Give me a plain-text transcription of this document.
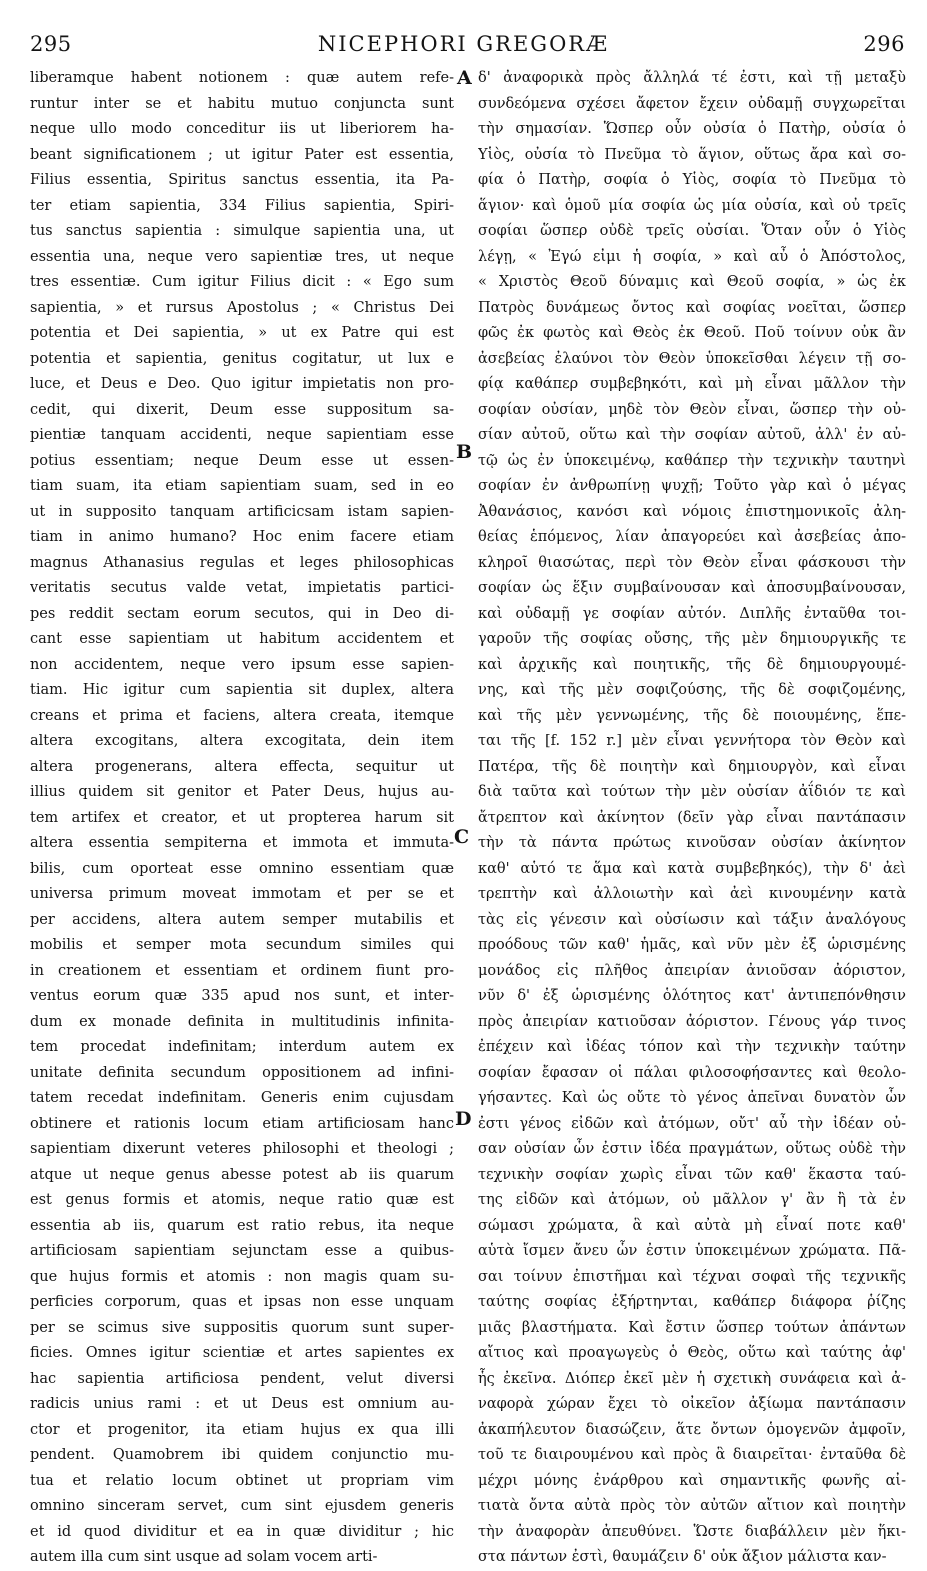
NICEPHORI GREGORÆ
295	296
liberamque habent notionem : quæ autem refe-
runtur inter se et habitu mutuo conjuncta sunt
neque ullo modo conceditur iis ut liberiorem ha-
beant significationem ; ut igitur Pater est essentia,
Filius essentia, Spiritus sanctus essentia, ita Pa-
ter etiam sapientia, 334 Filius sapientia, Spiri-
tus sanctus sapientia : simulque sapientia una, ut
essentia una, neque vero sapientiæ tres, ut neque
tres essentiæ. Cum igitur Filius dicit : « Ego sum
sapientia, » et rursus Apostolus ; « Christus Dei
potentia et Dei sapientia, » ut ex Patre qui est
potentia et sapientia, genitus cogitatur, ut lux e
luce, et Deus e Deo. Quo igitur impietatis non pro-
cedit, qui dixerit, Deum esse suppositum sa-
pientiæ tanquam accidenti, neque sapientiam esse
potius essentiam; neque Deum esse ut essen-
tiam suam, ita etiam sapientiam suam, sed in eo
ut in supposito tanquam artificicsam istam sapien-
tiam in animo humano? Hoc enim facere etiam
magnus Athanasius regulas et leges philosophicas
veritatis secutus valde vetat, impietatis partici-
pes reddit sectam eorum secutos, qui in Deo di-
cant esse sapientiam ut habitum accidentem et
non accidentem, neque vero ipsum esse sapien-
tiam. Hic igitur cum sapientia sit duplex, altera
creans et prima et faciens, altera creata, itemque
altera excogitans, altera excogitata, dein item
altera progenerans, altera effecta, sequitur ut
illius quidem sit genitor et Pater Deus, hujus au-
tem artifex et creator, et ut propterea harum sit
altera essentia sempiterna et immota et immuta-
bilis, cum oporteat esse omnino essentiam quæ
universa primum moveat immotam et per se et
per accidens, altera autem semper mutabilis et
mobilis et semper mota secundum similes qui
in creationem et essentiam et ordinem fiunt pro-
ventus eorum quæ 335 apud nos sunt, et inter-
dum ex monade definita in multitudinis infinita-
tem procedat indefinitam; interdum autem ex
unitate definita secundum oppositionem ad infini-
tatem recedat indefinitam. Generis enim cujusdam
obtinere et rationis locum etiam artificiosam hanc
sapientiam dixerunt veteres philosophi et theologi ;
atque ut neque genus abesse potest ab iis quarum
est genus formis et atomis, neque ratio quæ est
essentia ab iis, quarum est ratio rebus, ita neque
artificiosam sapientiam sejunctam esse a quibus-
que hujus formis et atomis : non magis quam su-
perficies corporum, quas et ipsas non esse unquam
per se scimus sive suppositis quorum sunt super-
ficies. Omnes igitur scientiæ et artes sapientes ex
hac sapientia artificiosa pendent, velut diversi
radicis unius rami : et ut Deus est omnium au-
ctor et progenitor, ita etiam hujus ex qua illi
pendent. Quamobrem ibi quidem conjunctio mu-
tua et relatio locum obtinet ut propriam vim
omnino sinceram servet, cum sint ejusdem generis
et id quod dividitur et ea in quæ dividitur ; hic
autem illa cum sint usque ad solam vocem arti-
δ' ἀναφορικὰ πρὸς ἄλληλά τέ ἐστι, καὶ τῇ μεταξὺ
συνδεόμενα σχέσει ἄφετον ἔχειν οὐδαμῇ συγχωρεῖται
τὴν σημασίαν. Ὥσπερ οὖν οὐσία ὁ Πατὴρ, οὐσία ὁ
Υἱὸς, οὐσία τὸ Πνεῦμα τὸ ἅγιον, οὕτως ἄρα καὶ σο-
φία ὁ Πατὴρ, σοφία ὁ Υἱὸς, σοφία τὸ Πνεῦμα τὸ
ἅγιον· καὶ ὁμοῦ μία σοφία ὡς μία οὐσία, καὶ οὐ τρεῖς
σοφίαι ὥσπερ οὐδὲ τρεῖς οὐσίαι. Ὅταν οὖν ὁ Υἱὸς
λέγῃ, « Ἐγώ εἰμι ἡ σοφία, » καὶ αὖ ὁ Ἀπόστολος,
« Χριστὸς Θεοῦ δύναμις καὶ Θεοῦ σοφία, » ὡς ἐκ
Πατρὸς δυνάμεως ὄντος καὶ σοφίας νοεῖται, ὥσπερ
φῶς ἐκ φωτὸς καὶ Θεὸς ἐκ Θεοῦ. Ποῦ τοίνυν οὐκ ἂν
ἀσεβείας ἐλαύνοι τὸν Θεὸν ὑποκεῖσθαι λέγειν τῇ σο-
φίᾳ καθάπερ συμβεβηκότι, καὶ μὴ εἶναι μᾶλλον τὴν
σοφίαν οὐσίαν, μηδὲ τὸν Θεὸν εἶναι, ὥσπερ τὴν οὐ-
σίαν αὐτοῦ, οὕτω καὶ τὴν σοφίαν αὐτοῦ, ἀλλ' ἐν αὐ-
τῷ ὡς ἐν ὑποκειμένῳ, καθάπερ τὴν τεχνικὴν ταυτηνὶ
σοφίαν ἐν ἀνθρωπίνῃ ψυχῇ; Τοῦτο γὰρ καὶ ὁ μέγας
Ἀθανάσιος, κανόσι καὶ νόμοις ἐπιστημονικοῖς ἀλη-
θείας ἑπόμενος, λίαν ἀπαγορεύει καὶ ἀσεβείας ἀπο-
κληροῖ θιασώτας, περὶ τὸν Θεὸν εἶναι φάσκουσι τὴν
σοφίαν ὡς ἕξιν συμβαίνουσαν καὶ ἀποσυμβαίνουσαν,
καὶ οὐδαμῇ γε σοφίαν αὐτόν. Διπλῆς ἐνταῦθα τοι-
γαροῦν τῆς σοφίας οὔσης, τῆς μὲν δημιουργικῆς τε
καὶ ἀρχικῆς καὶ ποιητικῆς, τῆς δὲ δημιουργουμέ-
νης, καὶ τῆς μὲν σοφιζούσης, τῆς δὲ σοφιζομένης,
καὶ τῆς μὲν γεννωμένης, τῆς δὲ ποιουμένης, ἕπε-
ται τῆς [f. 152 r.] μὲν εἶναι γεννήτορα τὸν Θεὸν καὶ
Πατέρα, τῆς δὲ ποιητὴν καὶ δημιουργὸν, καὶ εἶναι
διὰ ταῦτα καὶ τούτων τὴν μὲν οὐσίαν ἀΐδιόν τε καὶ
ἄτρεπτον καὶ ἀκίνητον (δεῖν γὰρ εἶναι παντάπασιν
τὴν τὰ πάντα πρώτως κινοῦσαν οὐσίαν ἀκίνητον
καθ' αὑτό τε ἅμα καὶ κατὰ συμβεβηκός), τὴν δ' ἀεὶ
τρεπτὴν καὶ ἀλλοιωτὴν καὶ ἀεὶ κινουμένην κατὰ
τὰς εἰς γένεσιν καὶ οὐσίωσιν καὶ τάξιν ἀναλόγους
προόδους τῶν καθ' ἡμᾶς, καὶ νῦν μὲν ἐξ ὡρισμένης
μονάδος εἰς πλῆθος ἀπειρίαν ἀνιοῦσαν ἀόριστον,
νῦν δ' ἐξ ὡρισμένης ὁλότητος κατ' ἀντιπεπόνθησιν
πρὸς ἀπειρίαν κατιοῦσαν ἀόριστον. Γένους γάρ τινος
ἐπέχειν καὶ ἰδέας τόπον καὶ τὴν τεχνικὴν ταύτην
σοφίαν ἔφασαν οἱ πάλαι φιλοσοφήσαντες καὶ θεολο-
γήσαντες. Καὶ ὡς οὔτε τὸ γένος ἀπεῖναι δυνατὸν ὧν
ἐστι γένος εἰδῶν καὶ ἀτόμων, οὔτ' αὖ τὴν ἰδέαν οὐ-
σαν οὐσίαν ὧν ἐστιν ἰδέα πραγμάτων, οὕτως οὐδὲ τὴν
τεχνικὴν σοφίαν χωρὶς εἶναι τῶν καθ' ἕκαστα ταύ-
της εἰδῶν καὶ ἀτόμων, οὐ μᾶλλον γ' ἂν ἢ τὰ ἐν
σώμασι χρώματα, ἃ καὶ αὐτὰ μὴ εἶναί ποτε καθ'
αὑτὰ ἴσμεν ἄνευ ὧν ἐστιν ὑποκειμένων χρώματα. Πᾶ-
σαι τοίνυν ἐπιστῆμαι καὶ τέχναι σοφαὶ τῆς τεχνικῆς
ταύτης σοφίας ἐξήρτηνται, καθάπερ διάφορα ῥίζης
μιᾶς βλαστήματα. Καὶ ἔστιν ὥσπερ τούτων ἁπάντων
αἴτιος καὶ προαγωγεὺς ὁ Θεὸς, οὕτω καὶ ταύτης ἀφ'
ἧς ἐκεῖνα. Διόπερ ἐκεῖ μὲν ἡ σχετικὴ συνάφεια καὶ ἀ-
ναφορὰ χώραν ἔχει τὸ οἰκεῖον ἀξίωμα παντάπασιν
ἀκαπήλευτον διασώζειν, ἅτε ὄντων ὁμογενῶν ἀμφοῖν,
τοῦ τε διαιρουμένου καὶ πρὸς ἃ διαιρεῖται· ἐνταῦθα δὲ
μέχρι μόνης ἐνάρθρου καὶ σημαντικῆς φωνῆς αἰ-
τιατὰ ὄντα αὐτὰ πρὸς τὸν αὐτῶν αἴτιον καὶ ποιητὴν
τὴν ἀναφορὰν ἀπευθύνει. Ὥστε διαβάλλειν μὲν ἥκι-
στα πάντων ἐστὶ, θαυμάζειν δ' οὐκ ἄξιον μάλιστα καν-
A
B
C
D
